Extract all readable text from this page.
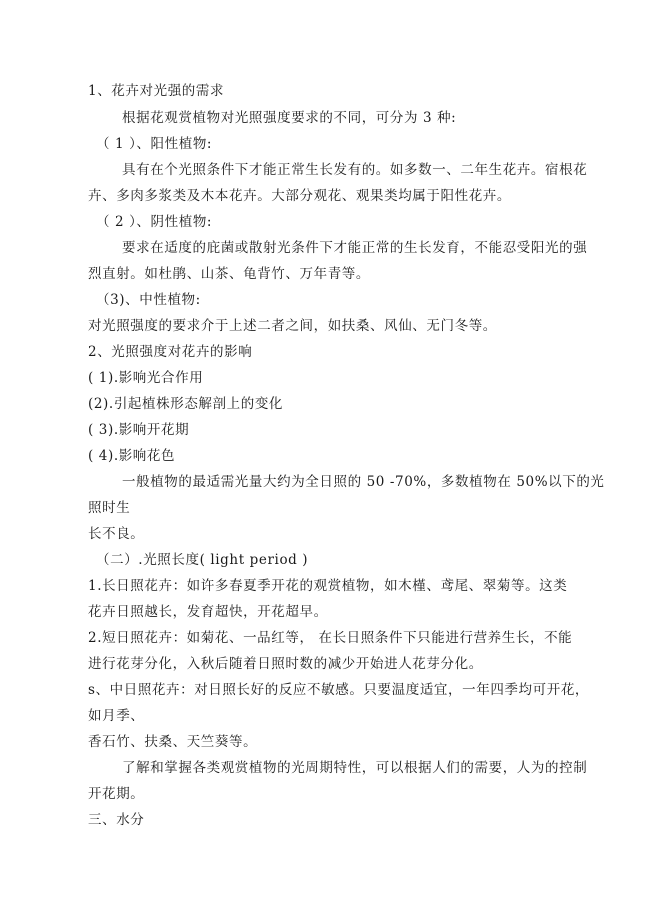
1、花卉对光强的需求
根据花观赏植物对光照强度要求的不同，可分为 3 种:
（ 1 ）、阳性植物:
具有在个光照条件下才能正常生长发有的。如多数一、二年生花卉。宿根花
卉、多肉多浆类及木本花卉。大部分观花、观果类均属于阳性花卉。
（ 2 ）、阴性植物:
要求在适度的庇菌或散射光条件下才能正常的生长发育，不能忍受阳光的强
烈直射。如杜鹃、山茶、龟背竹、万年青等。
（3)、中性植物:
对光照强度的要求介于上述二者之间，如扶桑、风仙、无门冬等。
2、光照强度对花卉的影响
( 1).影响光合作用
(2).引起植株形态解剖上的变化
( 3).影响开花期
( 4).影响花色
一般植物的最适需光量大约为全日照的 50 -70%，多数植物在 50%以下的光
照时生
长不良。
（二）.光照长度( light period )
1.长日照花卉：如许多春夏季开花的观赏植物，如木槿、鸢尾、翠菊等。这类
花卉日照越长，发育超快，开花超早。
2.短日照花卉：如菊花、一品红等， 在长日照条件下只能进行营养生长，不能
进行花芽分化，入秋后随着日照时数的减少开始进人花芽分化。
s、中日照花卉：对日照长好的反应不敏感。只要温度适宜，一年四季均可开花，
如月季、
香石竹、扶桑、天竺葵等。
了解和掌握各类观赏植物的光周期特性，可以根据人们的需要，人为的控制
开花期。
三、水分
